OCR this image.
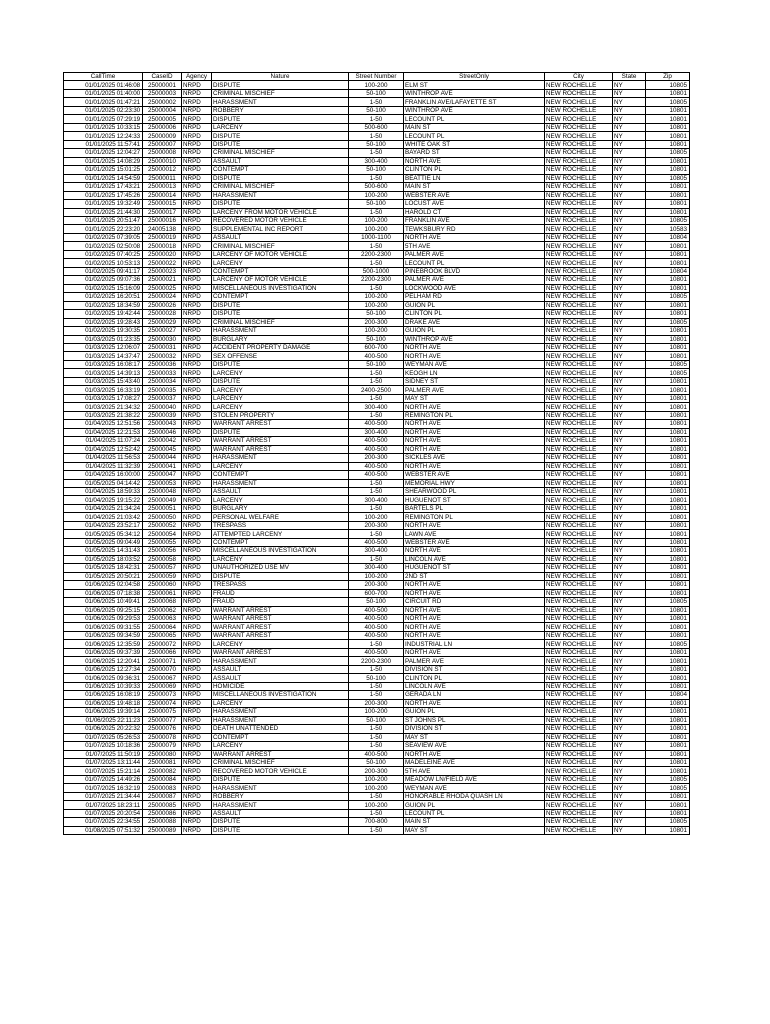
CallTime	CaseID	Agency	Nature	Street Number	StreetOnly	City	State	Zip
01/01/2025 01:46:08	25000001	NRPD	DISPUTE	100-200	ELM ST	NEW ROCHELLE	NY	10805
01/01/2025 01:40:00	25000003	NRPD	CRIMINAL MISCHIEF	50-100	WINTHROP AVE	NEW ROCHELLE	NY	10801
01/01/2025 01:47:21	25000002	NRPD	HARASSMENT	1-50	FRANKLIN AVE/LAFAYETTE ST	NEW ROCHELLE	NY	10805
01/01/2025 02:23:30	25000004	NRPD	ROBBERY	50-100	WINTHROP AVE	NEW ROCHELLE	NY	10801
01/01/2025 07:29:19	25000005	NRPD	DISPUTE	1-50	LECOUNT PL	NEW ROCHELLE	NY	10801
01/01/2025 10:33:15	25000006	NRPD	LARCENY	500-600	MAIN ST	NEW ROCHELLE	NY	10801
01/01/2025 12:24:33	25000009	NRPD	DISPUTE	1-50	LECOUNT PL	NEW ROCHELLE	NY	10801
01/01/2025 11:57:41	25000007	NRPD	DISPUTE	50-100	WHITE OAK ST	NEW ROCHELLE	NY	10801
01/01/2025 12:04:27	25000008	NRPD	CRIMINAL MISCHIEF	1-50	BAYARD ST	NEW ROCHELLE	NY	10805
01/01/2025 14:08:29	25000010	NRPD	ASSAULT	300-400	NORTH AVE	NEW ROCHELLE	NY	10801
01/01/2025 15:01:25	25000012	NRPD	CONTEMPT	50-100	CLINTON PL	NEW ROCHELLE	NY	10801
01/01/2025 14:54:59	25000011	NRPD	DISPUTE	1-50	BEATTIE LN	NEW ROCHELLE	NY	10805
01/01/2025 17:43:21	25000013	NRPD	CRIMINAL MISCHIEF	500-600	MAIN ST	NEW ROCHELLE	NY	10801
01/01/2025 17:45:26	25000014	NRPD	HARASSMENT	100-200	WEBSTER AVE	NEW ROCHELLE	NY	10801
01/01/2025 19:32:49	25000015	NRPD	DISPUTE	50-100	LOCUST AVE	NEW ROCHELLE	NY	10801
01/01/2025 21:44:30	25000017	NRPD	LARCENY FROM MOTOR VEHICLE	1-50	HAROLD CT	NEW ROCHELLE	NY	10801
01/01/2025 20:51:47	25000016	NRPD	RECOVERED MOTOR VEHICLE	100-200	FRANKLIN AVE	NEW ROCHELLE	NY	10805
01/01/2025 22:23:20	24005138	NRPD	SUPPLEMENTAL INC REPORT	100-200	TEWKSBURY RD	NEW ROCHELLE	NY	10583
01/02/2025 07:39:05	25000019	NRPD	ASSAULT	1000-1100	NORTH AVE	NEW ROCHELLE	NY	10804
01/02/2025 02:50:08	25000018	NRPD	CRIMINAL MISCHIEF	1-50	5TH AVE	NEW ROCHELLE	NY	10801
01/02/2025 07:40:25	25000020	NRPD	LARCENY OF MOTOR VEHICLE	2200-2300	PALMER AVE	NEW ROCHELLE	NY	10801
01/02/2025 10:53:13	25000022	NRPD	LARCENY	1-50	LECOUNT PL	NEW ROCHELLE	NY	10801
01/02/2025 09:41:17	25000023	NRPD	CONTEMPT	500-1000	PINEBROOK BLVD	NEW ROCHELLE	NY	10804
01/02/2025 09:07:36	25000021	NRPD	LARCENY OF MOTOR VEHICLE	2200-2300	PALMER AVE	NEW ROCHELLE	NY	10801
01/02/2025 15:16:09	25000025	NRPD	MISCELLANEOUS INVESTIGATION	1-50	LOCKWOOD AVE	NEW ROCHELLE	NY	10801
01/02/2025 16:20:51	25000024	NRPD	CONTEMPT	100-200	PELHAM RD	NEW ROCHELLE	NY	10805
01/02/2025 18:34:59	25000026	NRPD	DISPUTE	100-200	GUION PL	NEW ROCHELLE	NY	10801
01/02/2025 19:42:44	25000028	NRPD	DISPUTE	50-100	CLINTON PL	NEW ROCHELLE	NY	10801
01/02/2025 19:28:43	25000029	NRPD	CRIMINAL MISCHIEF	200-300	DRAKE AVE	NEW ROCHELLE	NY	10805
01/02/2025 19:30:35	25000027	NRPD	HARASSMENT	100-200	GUION PL	NEW ROCHELLE	NY	10801
01/03/2025 01:23:35	25000030	NRPD	BURGLARY	50-100	WINTHROP AVE	NEW ROCHELLE	NY	10801
01/03/2025 12:06:07	25000031	NRPD	ACCIDENT PROPERTY DAMAGE	600-700	NORTH AVE	NEW ROCHELLE	NY	10801
01/03/2025 14:37:47	25000032	NRPD	SEX OFFENSE	400-500	NORTH AVE	NEW ROCHELLE	NY	10801
01/03/2025 16:08:17	25000036	NRPD	DISPUTE	50-100	WEYMAN AVE	NEW ROCHELLE	NY	10805
01/03/2025 14:39:13	25000033	NRPD	LARCENY	1-50	KEOGH LN	NEW ROCHELLE	NY	10805
01/03/2025 15:43:40	25000034	NRPD	DISPUTE	1-50	SIDNEY ST	NEW ROCHELLE	NY	10801
01/03/2025 16:33:19	25000035	NRPD	LARCENY	2400-2500	PALMER AVE	NEW ROCHELLE	NY	10801
01/03/2025 17:08:27	25000037	NRPD	LARCENY	1-50	MAY ST	NEW ROCHELLE	NY	10801
01/03/2025 21:34:32	25000040	NRPD	LARCENY	300-400	NORTH AVE	NEW ROCHELLE	NY	10801
01/03/2025 21:38:22	25000039	NRPD	STOLEN PROPERTY	1-50	REMINGTON PL	NEW ROCHELLE	NY	10801
01/04/2025 12:51:56	25000043	NRPD	WARRANT ARREST	400-500	NORTH AVE	NEW ROCHELLE	NY	10801
01/04/2025 12:21:53	25000046	NRPD	DISPUTE	300-400	NORTH AVE	NEW ROCHELLE	NY	10801
01/04/2025 11:07:24	25000042	NRPD	WARRANT ARREST	400-500	NORTH AVE	NEW ROCHELLE	NY	10801
01/04/2025 12:52:42	25000045	NRPD	WARRANT ARREST	400-500	NORTH AVE	NEW ROCHELLE	NY	10801
01/04/2025 11:56:53	25000044	NRPD	HARASSMENT	200-300	SICKLES AVE	NEW ROCHELLE	NY	10801
01/04/2025 11:32:39	25000041	NRPD	LARCENY	400-500	NORTH AVE	NEW ROCHELLE	NY	10801
01/04/2025 16:00:00	25000047	NRPD	CONTEMPT	400-500	WEBSTER AVE	NEW ROCHELLE	NY	10801
01/05/2025 04:14:42	25000053	NRPD	HARASSMENT	1-50	MEMORIAL HWY	NEW ROCHELLE	NY	10801
01/04/2025 18:59:33	25000048	NRPD	ASSAULT	1-50	SHEARWOOD PL	NEW ROCHELLE	NY	10801
01/04/2025 19:15:22	25000049	NRPD	LARCENY	300-400	HUGUENOT ST	NEW ROCHELLE	NY	10801
01/04/2025 21:34:24	25000051	NRPD	BURGLARY	1-50	BARTELS PL	NEW ROCHELLE	NY	10801
01/04/2025 21:03:42	25000050	NRPD	PERSONAL WELFARE	100-200	REMINGTON PL	NEW ROCHELLE	NY	10801
01/04/2025 23:52:17	25000052	NRPD	TRESPASS	200-300	NORTH AVE	NEW ROCHELLE	NY	10801
01/05/2025 05:34:12	25000054	NRPD	ATTEMPTED LARCENY	1-50	LAWN AVE	NEW ROCHELLE	NY	10801
01/05/2025 09:04:49	25000055	NRPD	CONTEMPT	400-500	WEBSTER AVE	NEW ROCHELLE	NY	10801
01/05/2025 14:31:43	25000056	NRPD	MISCELLANEOUS INVESTIGATION	300-400	NORTH AVE	NEW ROCHELLE	NY	10801
01/05/2025 18:03:52	25000058	NRPD	LARCENY	1-50	LINCOLN AVE	NEW ROCHELLE	NY	10801
01/05/2025 18:42:31	25000057	NRPD	UNAUTHORIZED USE MV	300-400	HUGUENOT ST	NEW ROCHELLE	NY	10801
01/05/2025 20:50:21	25000059	NRPD	DISPUTE	100-200	2ND ST	NEW ROCHELLE	NY	10801
01/06/2025 02:04:58	25000060	NRPD	TRESPASS	200-300	NORTH AVE	NEW ROCHELLE	NY	10801
01/06/2025 07:18:38	25000061	NRPD	FRAUD	600-700	NORTH AVE	NEW ROCHELLE	NY	10801
01/06/2025 10:49:41	25000068	NRPD	FRAUD	50-100	CIRCUIT RD	NEW ROCHELLE	NY	10805
01/06/2025 09:25:15	25000062	NRPD	WARRANT ARREST	400-500	NORTH AVE	NEW ROCHELLE	NY	10801
01/06/2025 09:29:53	25000063	NRPD	WARRANT ARREST	400-500	NORTH AVE	NEW ROCHELLE	NY	10801
01/06/2025 09:31:55	25000064	NRPD	WARRANT ARREST	400-500	NORTH AVE	NEW ROCHELLE	NY	10801
01/06/2025 09:34:59	25000065	NRPD	WARRANT ARREST	400-500	NORTH AVE	NEW ROCHELLE	NY	10801
01/06/2025 12:35:59	25000072	NRPD	LARCENY	1-50	INDUSTRIAL LN	NEW ROCHELLE	NY	10805
01/06/2025 09:37:39	25000066	NRPD	WARRANT ARREST	400-500	NORTH AVE	NEW ROCHELLE	NY	10801
01/06/2025 12:20:41	25000071	NRPD	HARASSMENT	2200-2300	PALMER AVE	NEW ROCHELLE	NY	10801
01/06/2025 12:27:34	25000070	NRPD	ASSAULT	1-50	DIVISION ST	NEW ROCHELLE	NY	10801
01/06/2025 09:36:31	25000067	NRPD	ASSAULT	50-100	CLINTON PL	NEW ROCHELLE	NY	10801
01/06/2025 10:39:33	25000069	NRPD	HOMICIDE	1-50	LINCOLN AVE	NEW ROCHELLE	NY	10801
01/06/2025 16:08:19	25000073	NRPD	MISCELLANEOUS INVESTIGATION	1-50	GERADA LN	NEW ROCHELLE	NY	10804
01/06/2025 19:48:18	25000074	NRPD	LARCENY	200-300	NORTH AVE	NEW ROCHELLE	NY	10801
01/06/2025 19:39:14	25000075	NRPD	HARASSMENT	100-200	GUION PL	NEW ROCHELLE	NY	10801
01/06/2025 22:11:23	25000077	NRPD	HARASSMENT	50-100	ST JOHNS PL	NEW ROCHELLE	NY	10801
01/06/2025 20:22:32	25000076	NRPD	DEATH UNATTENDED	1-50	DIVISION ST	NEW ROCHELLE	NY	10801
01/07/2025 05:26:53	25000078	NRPD	CONTEMPT	1-50	MAY ST	NEW ROCHELLE	NY	10801
01/07/2025 10:18:36	25000079	NRPD	LARCENY	1-50	SEAVIEW AVE	NEW ROCHELLE	NY	10801
01/07/2025 11:50:19	25000080	NRPD	WARRANT ARREST	400-500	NORTH AVE	NEW ROCHELLE	NY	10801
01/07/2025 13:11:44	25000081	NRPD	CRIMINAL MISCHIEF	50-100	MADELEINE AVE	NEW ROCHELLE	NY	10801
01/07/2025 15:21:14	25000082	NRPD	RECOVERED MOTOR VEHICLE	200-300	5TH AVE	NEW ROCHELLE	NY	10801
01/07/2025 14:49:26	25000084	NRPD	DISPUTE	100-200	MEADOW LN/FIELD AVE	NEW ROCHELLE	NY	10805
01/07/2025 16:32:19	25000083	NRPD	HARASSMENT	100-200	WEYMAN AVE	NEW ROCHELLE	NY	10805
01/07/2025 21:34:44	25000087	NRPD	ROBBERY	1-50	HONORABLE RHODA QUASH LN	NEW ROCHELLE	NY	10801
01/07/2025 18:23:11	25000085	NRPD	HARASSMENT	100-200	GUION PL	NEW ROCHELLE	NY	10801
01/07/2025 20:20:54	25000086	NRPD	ASSAULT	1-50	LECOUNT PL	NEW ROCHELLE	NY	10801
01/07/2025 22:34:55	25000088	NRPD	DISPUTE	700-800	MAIN ST	NEW ROCHELLE	NY	10805
01/08/2025 07:51:32	25000089	NRPD	DISPUTE	1-50	MAY ST	NEW ROCHELLE	NY	10801
